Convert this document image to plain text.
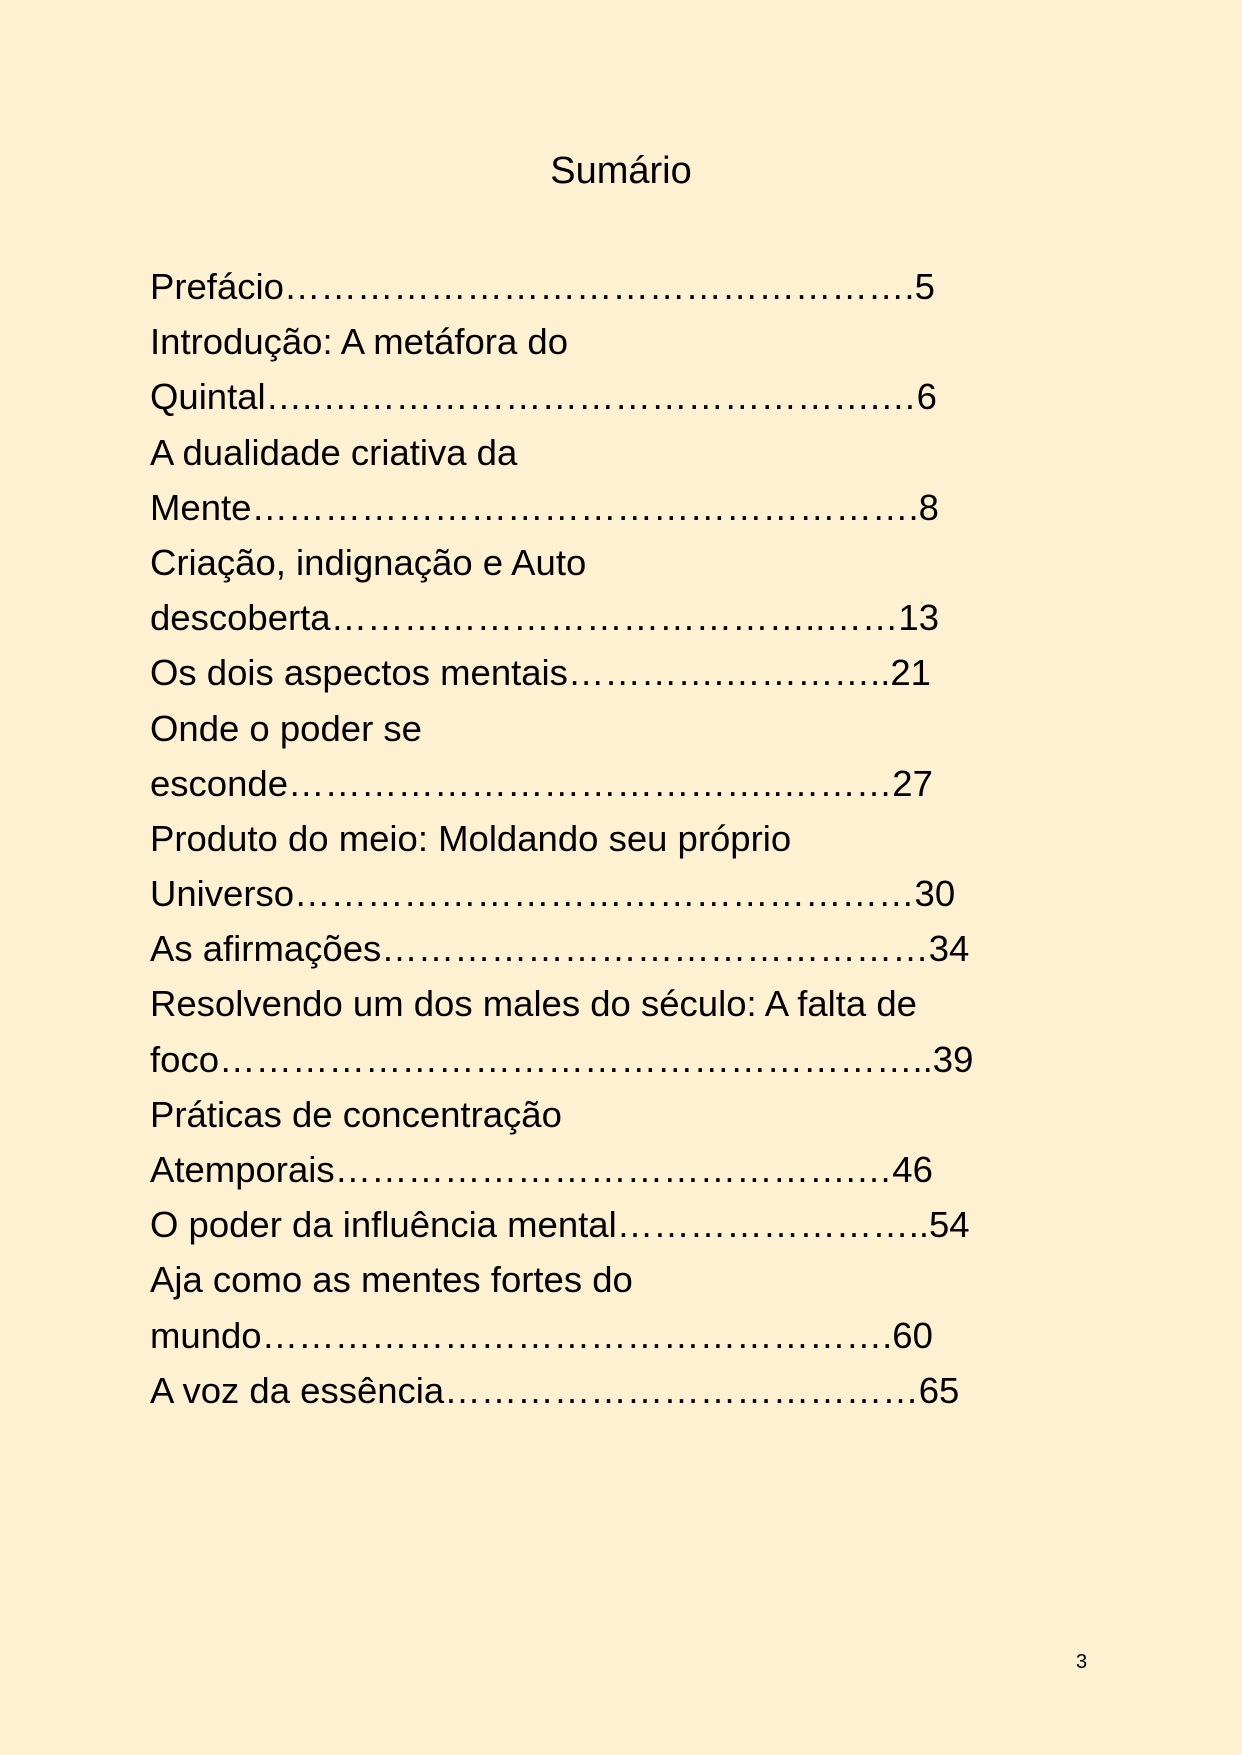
Sumário
Prefácio…………………………………………….5
Introdução: A metáfora do
Quintal…..……………………………………….…6
A dualidade criativa da
Mente……………………………………………….8
Criação, indignação e Auto
descoberta…………………………………..……13
Os dois aspectos mentais………….…………..21
Onde o poder se
esconde…………………………………..………27
Produto do meio: Moldando seu próprio
Universo……………………………………………30
As afirmações………………………………………34
Resolvendo um dos males do século: A falta de
foco…………………………………………………..39
Práticas de concentração
Atemporais…………………………………….…46
O poder da influência mental……………………..54
Aja como as mentes fortes do
mundo…………………………………………….60
A voz da essência…………………………………65
3
